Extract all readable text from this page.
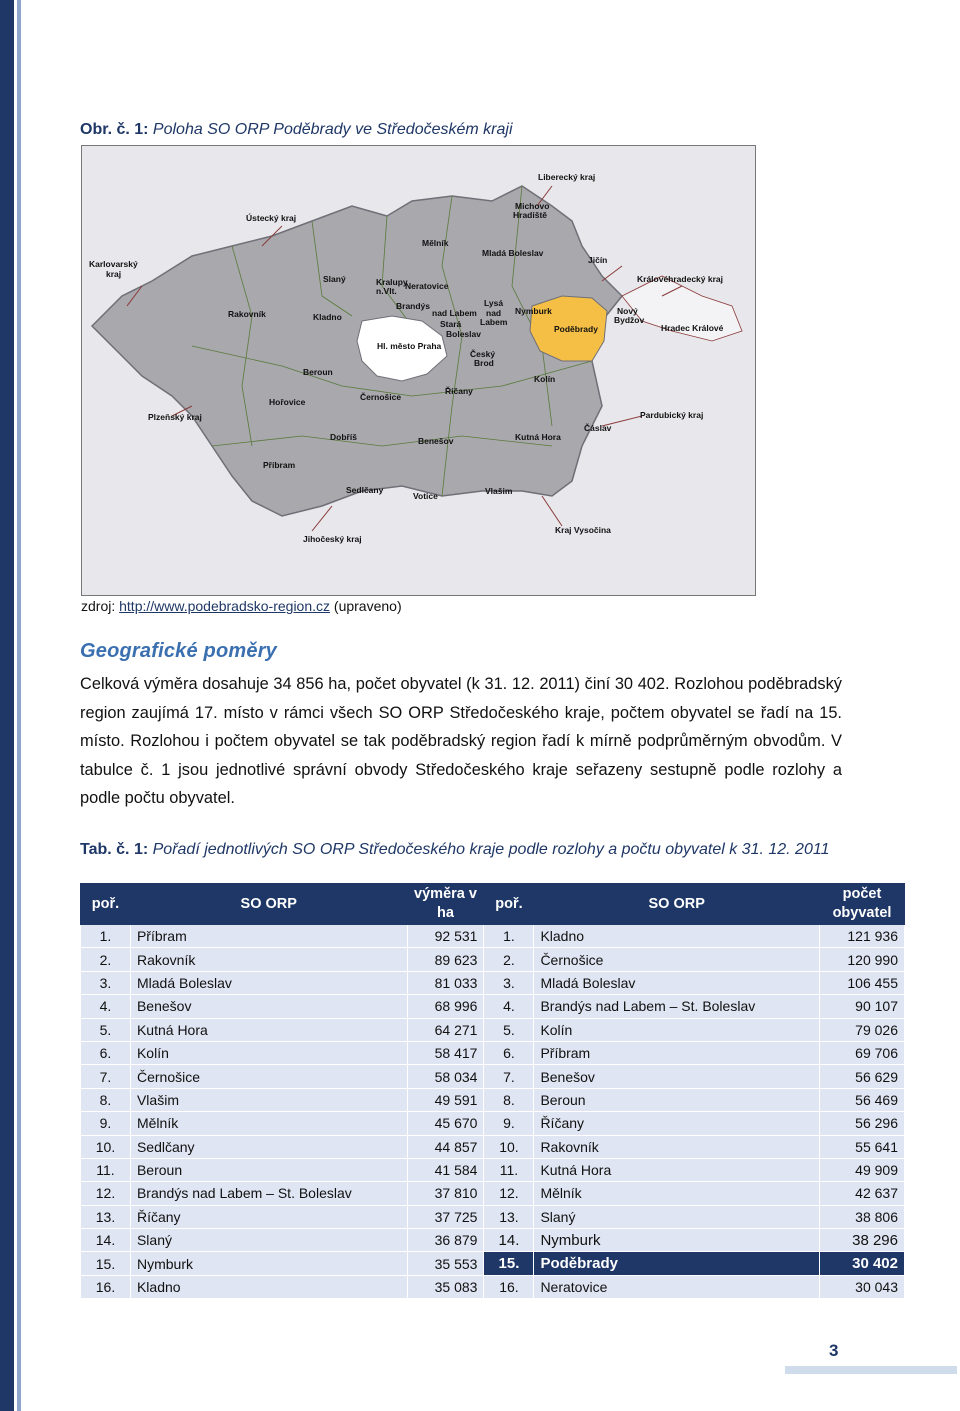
Obr. č. 1: Poloha SO ORP Poděbrady ve Středočeském kraji
Liberecký kraj
Ústecký kraj
Karlovarský
kraj
Michovo
Hradiště
Mělník
Mladá Boleslav
Jičín
Královéhradecký kraj
Slaný	Kralupy
n.Vlt. Neratovice
Rakovník	Kladno
Brandýs
nad Labem
Stará
Boleslav
Lysá
nad
Labem
Nymburk
Poděbrady
Nový
Bydžov
Hradec Králové
Hl. město Praha
Český
Brod
Beroun
Kolín
Říčany
Hořovice	Černošice
Plzeňský kraj	Pardubický kraj
Čáslav
Dobříš	Benešov	Kutná Hora
Příbram
Sedlčany
Votice	Vlašim
Kraj Vysočina
Jihočeský kraj
zdroj: http://www.podebradsko-region.cz (upraveno)
Geografické poměry
Celková výměra dosahuje 34 856 ha, počet obyvatel (k 31. 12. 2011) činí 30 402. Rozlohou poděbradský region zaujímá 17. místo v rámci všech SO ORP Středočeského kraje, počtem obyvatel se řadí na 15. místo. Rozlohou i počtem obyvatel se tak poděbradský region řadí k mírně podprůměrným obvodům. V tabulce č. 1 jsou jednotlivé správní obvody Středočeského kraje seřazeny sestupně podle rozlohy a podle počtu obyvatel.
Tab. č. 1: Pořadí jednotlivých SO ORP Středočeského kraje podle rozlohy a počtu obyvatel k 31. 12. 2011
poř.	SO ORP	výměra v ha	poř.	SO ORP	počet obyvatel
1.	Příbram	92 531	1.	Kladno	121 936
2.	Rakovník	89 623	2.	Černošice	120 990
3.	Mladá Boleslav	81 033	3.	Mladá Boleslav	106 455
4.	Benešov	68 996	4.	Brandýs nad Labem – St. Boleslav	90 107
5.	Kutná Hora	64 271	5.	Kolín	79 026
6.	Kolín	58 417	6.	Příbram	69 706
7.	Černošice	58 034	7.	Benešov	56 629
8.	Vlašim	49 591	8.	Beroun	56 469
9.	Mělník	45 670	9.	Říčany	56 296
10.	Sedlčany	44 857	10.	Rakovník	55 641
11.	Beroun	41 584	11.	Kutná Hora	49 909
12.	Brandýs nad Labem – St. Boleslav	37 810	12.	Mělník	42 637
13.	Říčany	37 725	13.	Slaný	38 806
14.	Slaný	36 879	14.	Nymburk	38 296
15.	Nymburk	35 553	15.	Poděbrady	30 402
16.	Kladno	35 083	16.	Neratovice	30 043
3
